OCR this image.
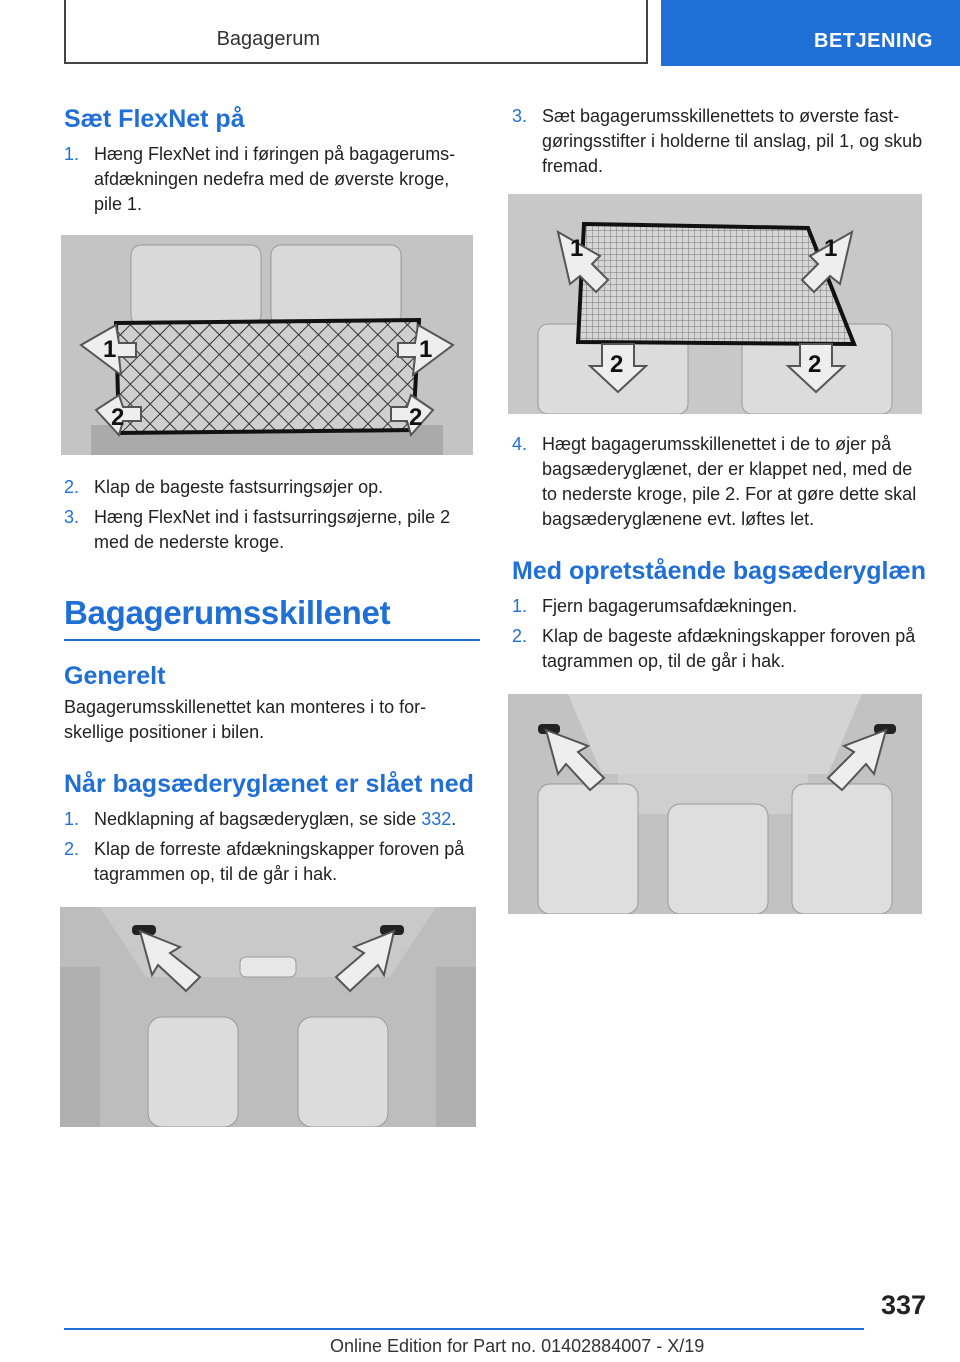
Bagagerum	BETJENING
Sæt FlexNet på
1. Hæng FlexNet ind i føringen på bagagerums-afdækningen nedefra med de øverste kroge, pile 1.
1	1
2	2
2. Klap de bageste fastsurringsøjer op.
3. Hæng FlexNet ind i fastsurringsøjerne, pile 2 med de nederste kroge.
Bagagerumsskillenet
Generelt

Bagagerumsskillenettet kan monteres i to for-skellige positioner i bilen.

Når bagsæderyglænet er slået ned
1. Nedklapning af bagsæderyglæn, se side 332.
2. Klap de forreste afdækningskapper foroven på tagrammen op, til de går i hak.
3. Sæt bagagerumsskillenettets to øverste fast-gøringsstifter i holderne til anslag, pil 1, og skub fremad.
1	1
2	2
4. Hægt bagagerumsskillenettet i de to øjer på bagsæderyglænet, der er klappet ned, med de to nederste kroge, pile 2. For at gøre dette skal bagsæderyglænene evt. løftes let.
Med opretstående bagsæderyglæn
1. Fjern bagagerumsafdækningen.
2. Klap de bageste afdækningskapper foroven på tagrammen op, til de går i hak.
337
Online Edition for Part no. 01402884007 - X/19
